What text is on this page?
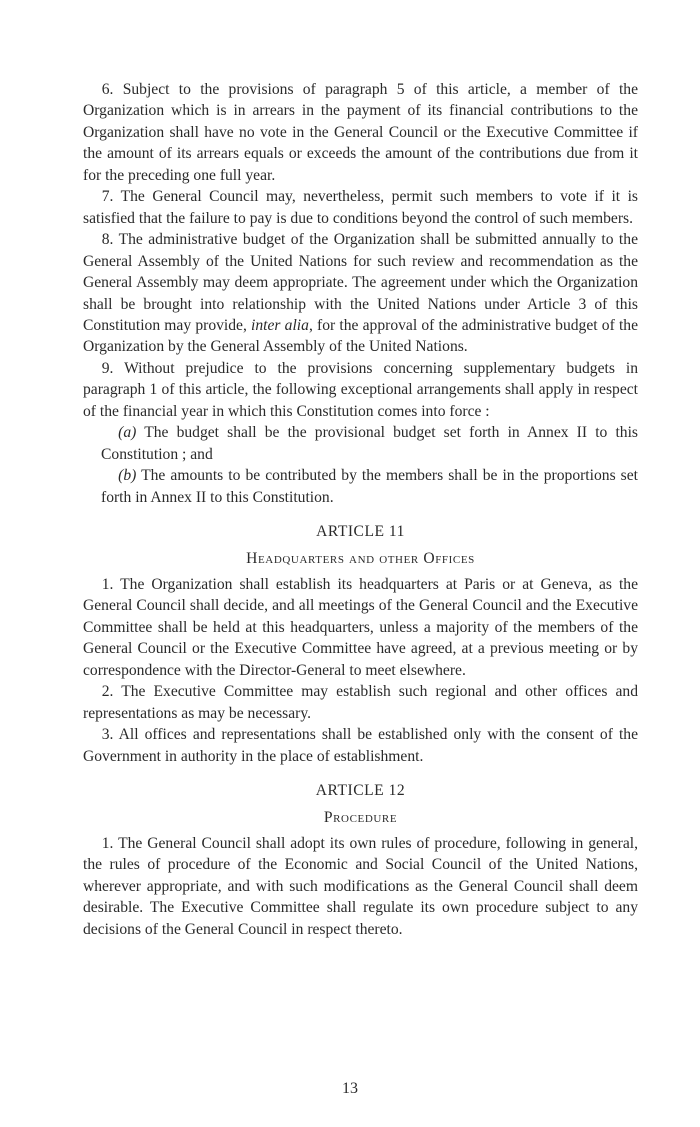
6. Subject to the provisions of paragraph 5 of this article, a member of the Organization which is in arrears in the payment of its financial contributions to the Organization shall have no vote in the General Council or the Executive Committee if the amount of its arrears equals or exceeds the amount of the contributions due from it for the preceding one full year.

7. The General Council may, nevertheless, permit such members to vote if it is satisfied that the failure to pay is due to conditions beyond the control of such members.

8. The administrative budget of the Organization shall be submitted annually to the General Assembly of the United Nations for such review and recommendation as the General Assembly may deem appropriate. The agreement under which the Organization shall be brought into relationship with the United Nations under Article 3 of this Constitution may provide, inter alia, for the approval of the administrative budget of the Organization by the General Assembly of the United Nations.

9. Without prejudice to the provisions concerning supplementary budgets in paragraph 1 of this article, the following exceptional arrangements shall apply in respect of the financial year in which this Constitution comes into force :

(a) The budget shall be the provisional budget set forth in Annex II to this Constitution ; and

(b) The amounts to be contributed by the members shall be in the proportions set forth in Annex II to this Constitution.

ARTICLE 11

Headquarters and other Offices

1. The Organization shall establish its headquarters at Paris or at Geneva, as the General Council shall decide, and all meetings of the General Council and the Executive Committee shall be held at this headquarters, unless a majority of the members of the General Council or the Executive Committee have agreed, at a previous meeting or by correspondence with the Director-General to meet elsewhere.

2. The Executive Committee may establish such regional and other offices and representations as may be necessary.

3. All offices and representations shall be established only with the consent of the Government in authority in the place of establishment.

ARTICLE 12

Procedure

1. The General Council shall adopt its own rules of procedure, following in general, the rules of procedure of the Economic and Social Council of the United Nations, wherever appropriate, and with such modifications as the General Council shall deem desirable. The Executive Committee shall regulate its own procedure subject to any decisions of the General Council in respect thereto.

13
